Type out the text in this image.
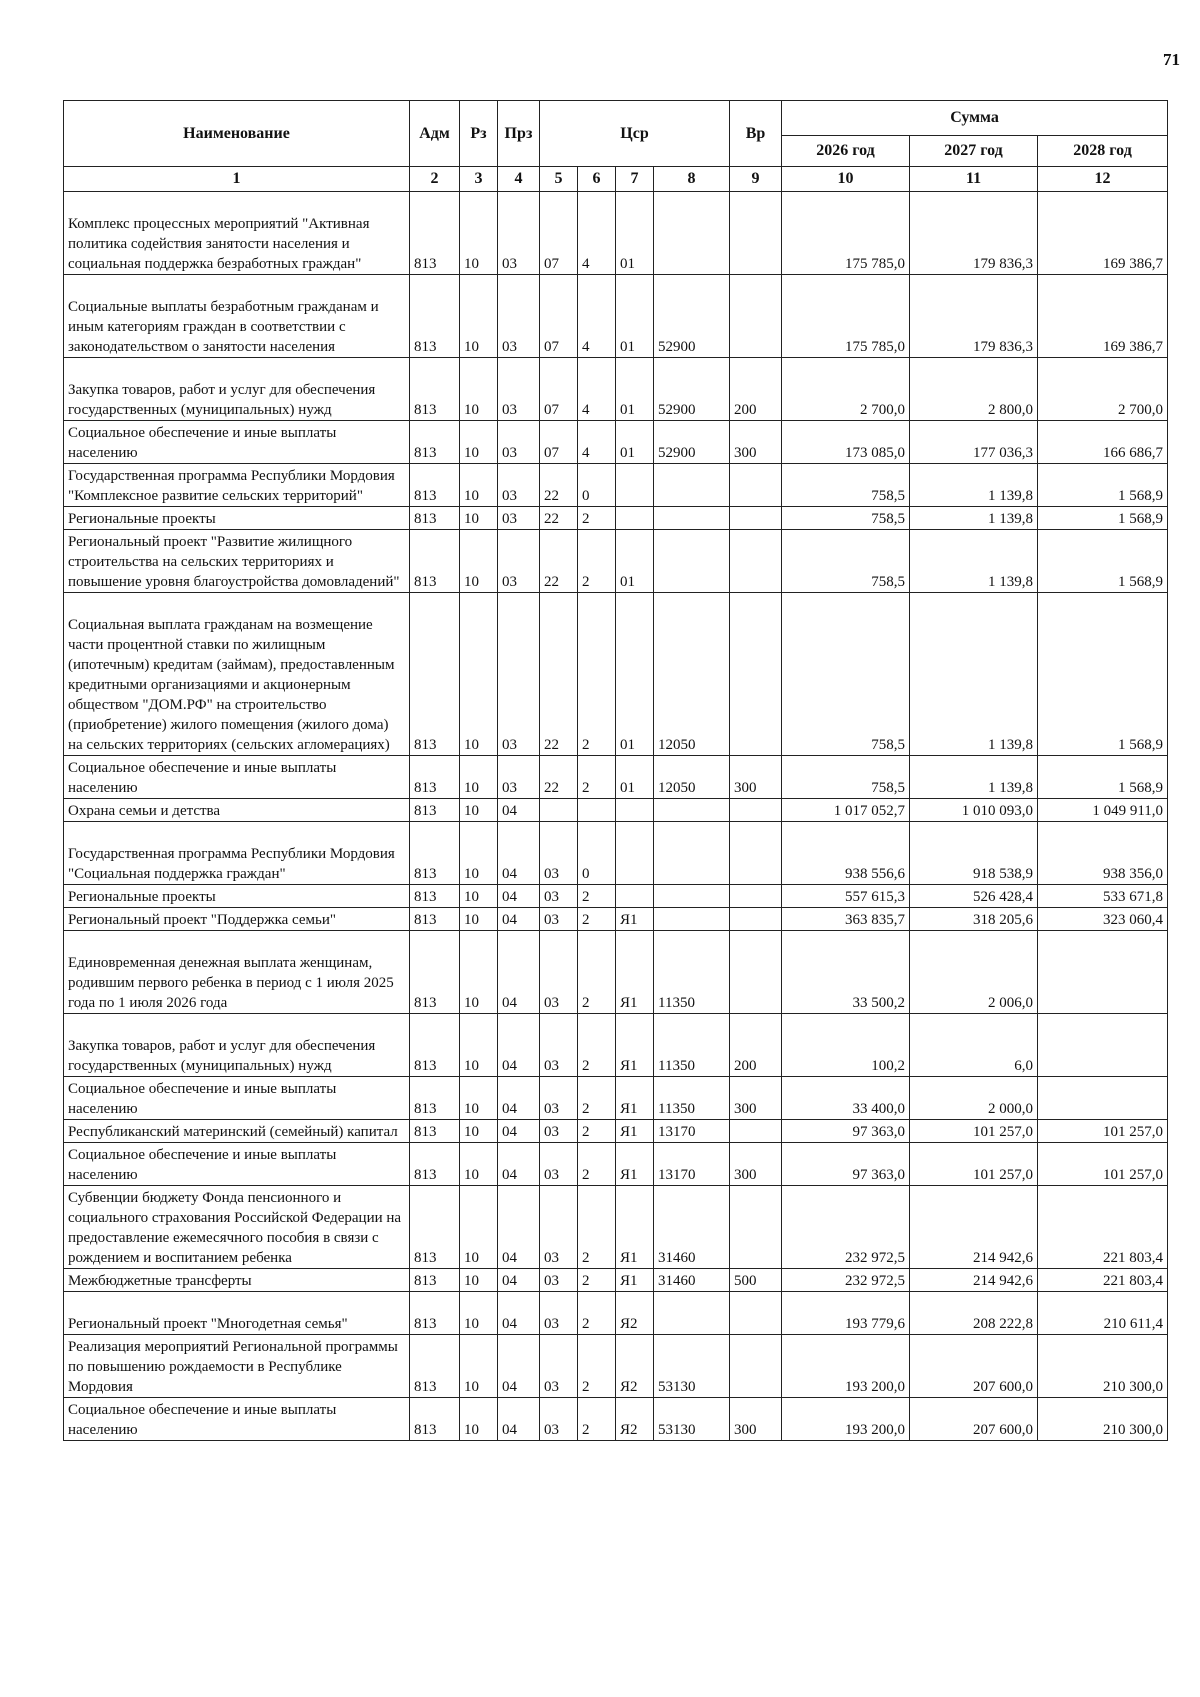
71
Наименование	Адм	Рз	Прз	Цср				Вр	Сумма		
									2026 год	2027 год	2028 год
1	2	3	4	5	6	7	8	9	10	11	12
Комплекс процессных мероприятий "Активная политика содействия занятости населения и социальная поддержка безработных граждан"	813	10	03	07	4	01			175 785,0	179 836,3	169 386,7
Социальные выплаты безработным гражданам и иным категориям граждан в соответствии с законодательством о занятости населения	813	10	03	07	4	01	52900		175 785,0	179 836,3	169 386,7
Закупка товаров, работ и услуг для обеспечения государственных (муниципальных) нужд	813	10	03	07	4	01	52900	200	2 700,0	2 800,0	2 700,0
Социальное обеспечение и иные выплаты населению	813	10	03	07	4	01	52900	300	173 085,0	177 036,3	166 686,7
Государственная программа Республики Мордовия "Комплексное развитие сельских территорий"	813	10	03	22	0				758,5	1 139,8	1 568,9
Региональные проекты	813	10	03	22	2				758,5	1 139,8	1 568,9
Региональный проект "Развитие жилищного строительства на сельских территориях и повышение уровня благоустройства домовладений"	813	10	03	22	2	01			758,5	1 139,8	1 568,9
Социальная выплата гражданам на возмещение части процентной ставки по жилищным (ипотечным) кредитам (займам), предоставленным кредитными организациями и акционерным обществом "ДОМ.РФ" на строительство (приобретение) жилого помещения (жилого дома) на сельских территориях (сельских агломерациях)	813	10	03	22	2	01	12050		758,5	1 139,8	1 568,9
Социальное обеспечение и иные выплаты населению	813	10	03	22	2	01	12050	300	758,5	1 139,8	1 568,9
Охрана семьи и детства	813	10	04						1 017 052,7	1 010 093,0	1 049 911,0
Государственная программа Республики Мордовия "Социальная поддержка граждан"	813	10	04	03	0				938 556,6	918 538,9	938 356,0
Региональные проекты	813	10	04	03	2				557 615,3	526 428,4	533 671,8
Региональный проект "Поддержка семьи"	813	10	04	03	2	Я1			363 835,7	318 205,6	323 060,4
Единовременная денежная выплата женщинам, родившим первого ребенка в период с 1 июля 2025 года по 1 июля 2026 года	813	10	04	03	2	Я1	11350		33 500,2	2 006,0	
Закупка товаров, работ и услуг для обеспечения государственных (муниципальных) нужд	813	10	04	03	2	Я1	11350	200	100,2	6,0	
Социальное обеспечение и иные выплаты населению	813	10	04	03	2	Я1	11350	300	33 400,0	2 000,0	
Республиканский материнский (семейный) капитал	813	10	04	03	2	Я1	13170		97 363,0	101 257,0	101 257,0
Социальное обеспечение и иные выплаты населению	813	10	04	03	2	Я1	13170	300	97 363,0	101 257,0	101 257,0
Субвенции бюджету Фонда пенсионного и социального страхования Российской Федерации на предоставление ежемесячного пособия в связи с рождением и воспитанием ребенка	813	10	04	03	2	Я1	31460		232 972,5	214 942,6	221 803,4
Межбюджетные трансферты	813	10	04	03	2	Я1	31460	500	232 972,5	214 942,6	221 803,4
Региональный проект "Многодетная семья"	813	10	04	03	2	Я2			193 779,6	208 222,8	210 611,4
Реализация мероприятий Региональной программы по повышению рождаемости в Республике Мордовия	813	10	04	03	2	Я2	53130		193 200,0	207 600,0	210 300,0
Социальное обеспечение и иные выплаты населению	813	10	04	03	2	Я2	53130	300	193 200,0	207 600,0	210 300,0
